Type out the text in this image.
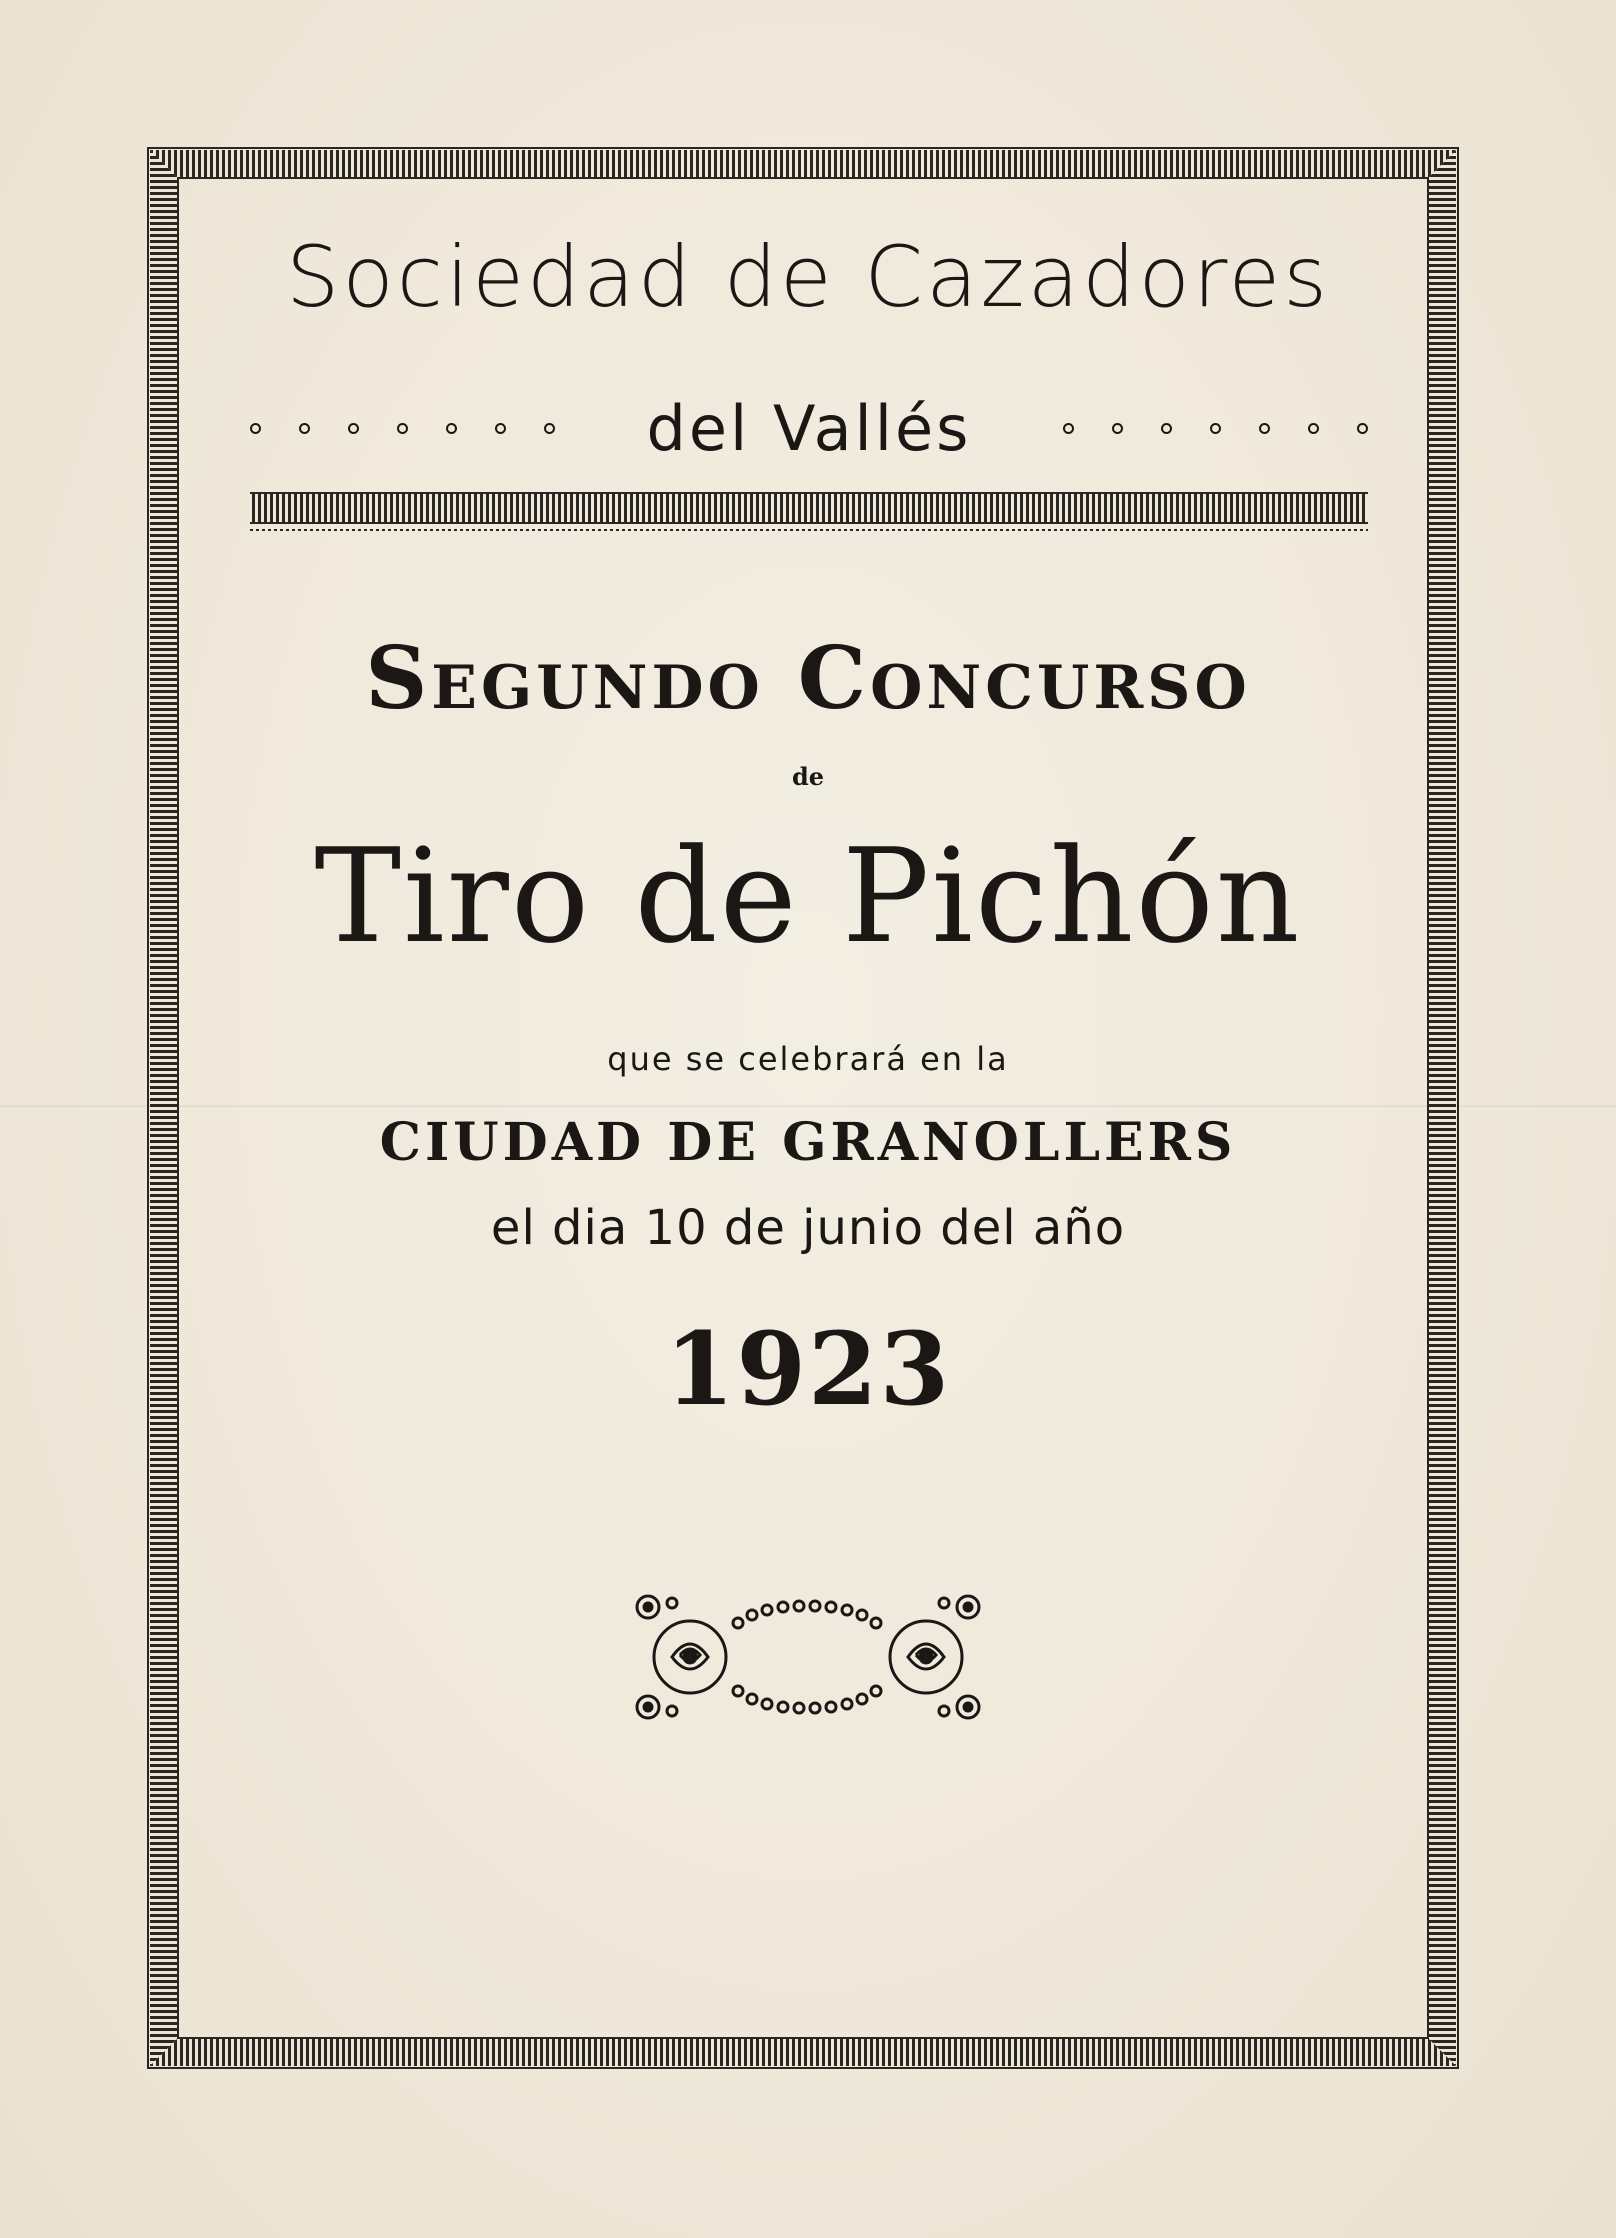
Sociedad de Cazadores
del Vallés
Segundo Concurso
de
Tiro de Pichón
que se celebrará en la
CIUDAD DE GRANOLLERS
el dia 10 de junio del año
1923
